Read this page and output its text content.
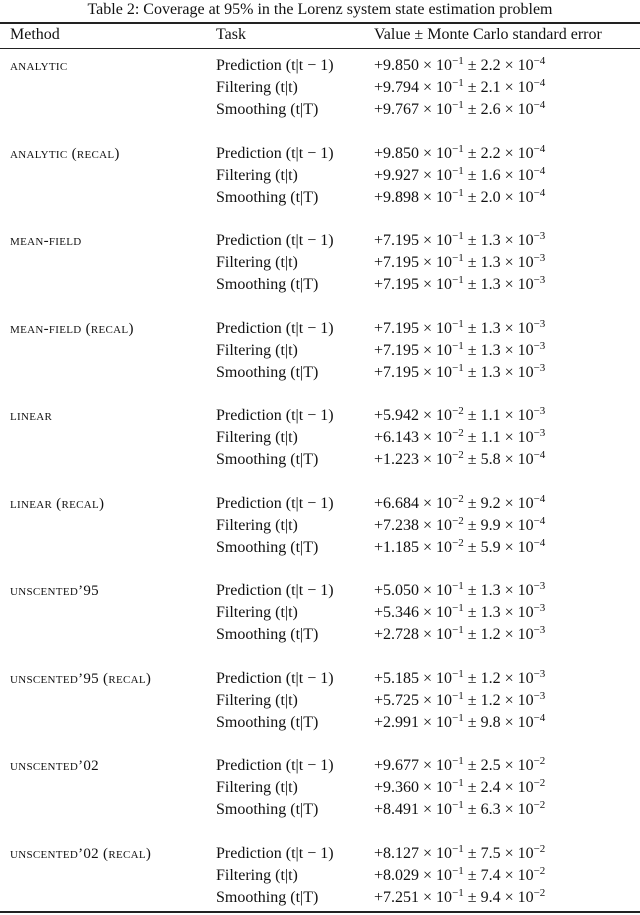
Table 2: Coverage at 95% in the Lorenz system state estimation problem
Method	Task	Value ± Monte Carlo standard error
analytic	Prediction (t|t − 1)	$+9.850 \times 10^{-1} \pm 2.2 \times 10^{-4}$
Filtering (t|t)	$+9.794 \times 10^{-1} \pm 2.1 \times 10^{-4}$
Smoothing (t|T)	$+9.767 \times 10^{-1} \pm 2.6 \times 10^{-4}$
analytic (recal)	Prediction (t|t − 1)	$+9.850 \times 10^{-1} \pm 2.2 \times 10^{-4}$
Filtering (t|t)	$+9.927 \times 10^{-1} \pm 1.6 \times 10^{-4}$
Smoothing (t|T)	$+9.898 \times 10^{-1} \pm 2.0 \times 10^{-4}$
mean-field	Prediction (t|t − 1)	$+7.195 \times 10^{-1} \pm 1.3 \times 10^{-3}$
Filtering (t|t)	$+7.195 \times 10^{-1} \pm 1.3 \times 10^{-3}$
Smoothing (t|T)	$+7.195 \times 10^{-1} \pm 1.3 \times 10^{-3}$
mean-field (recal)	Prediction (t|t − 1)	$+7.195 \times 10^{-1} \pm 1.3 \times 10^{-3}$
Filtering (t|t)	$+7.195 \times 10^{-1} \pm 1.3 \times 10^{-3}$
Smoothing (t|T)	$+7.195 \times 10^{-1} \pm 1.3 \times 10^{-3}$
linear	Prediction (t|t − 1)	$+5.942 \times 10^{-2} \pm 1.1 \times 10^{-3}$
Filtering (t|t)	$+6.143 \times 10^{-2} \pm 1.1 \times 10^{-3}$
Smoothing (t|T)	$+1.223 \times 10^{-2} \pm 5.8 \times 10^{-4}$
linear (recal)	Prediction (t|t − 1)	$+6.684 \times 10^{-2} \pm 9.2 \times 10^{-4}$
Filtering (t|t)	$+7.238 \times 10^{-2} \pm 9.9 \times 10^{-4}$
Smoothing (t|T)	$+1.185 \times 10^{-2} \pm 5.9 \times 10^{-4}$
unscented’95	Prediction (t|t − 1)	$+5.050 \times 10^{-1} \pm 1.3 \times 10^{-3}$
Filtering (t|t)	$+5.346 \times 10^{-1} \pm 1.3 \times 10^{-3}$
Smoothing (t|T)	$+2.728 \times 10^{-1} \pm 1.2 \times 10^{-3}$
unscented’95 (recal)	Prediction (t|t − 1)	$+5.185 \times 10^{-1} \pm 1.2 \times 10^{-3}$
Filtering (t|t)	$+5.725 \times 10^{-1} \pm 1.2 \times 10^{-3}$
Smoothing (t|T)	$+2.991 \times 10^{-1} \pm 9.8 \times 10^{-4}$
unscented’02	Prediction (t|t − 1)	$+9.677 \times 10^{-1} \pm 2.5 \times 10^{-2}$
Filtering (t|t)	$+9.360 \times 10^{-1} \pm 2.4 \times 10^{-2}$
Smoothing (t|T)	$+8.491 \times 10^{-1} \pm 6.3 \times 10^{-2}$
unscented’02 (recal)	Prediction (t|t − 1)	$+8.127 \times 10^{-1} \pm 7.5 \times 10^{-2}$
Filtering (t|t)	$+8.029 \times 10^{-1} \pm 7.4 \times 10^{-2}$
Smoothing (t|T)	$+7.251 \times 10^{-1} \pm 9.4 \times 10^{-2}$
